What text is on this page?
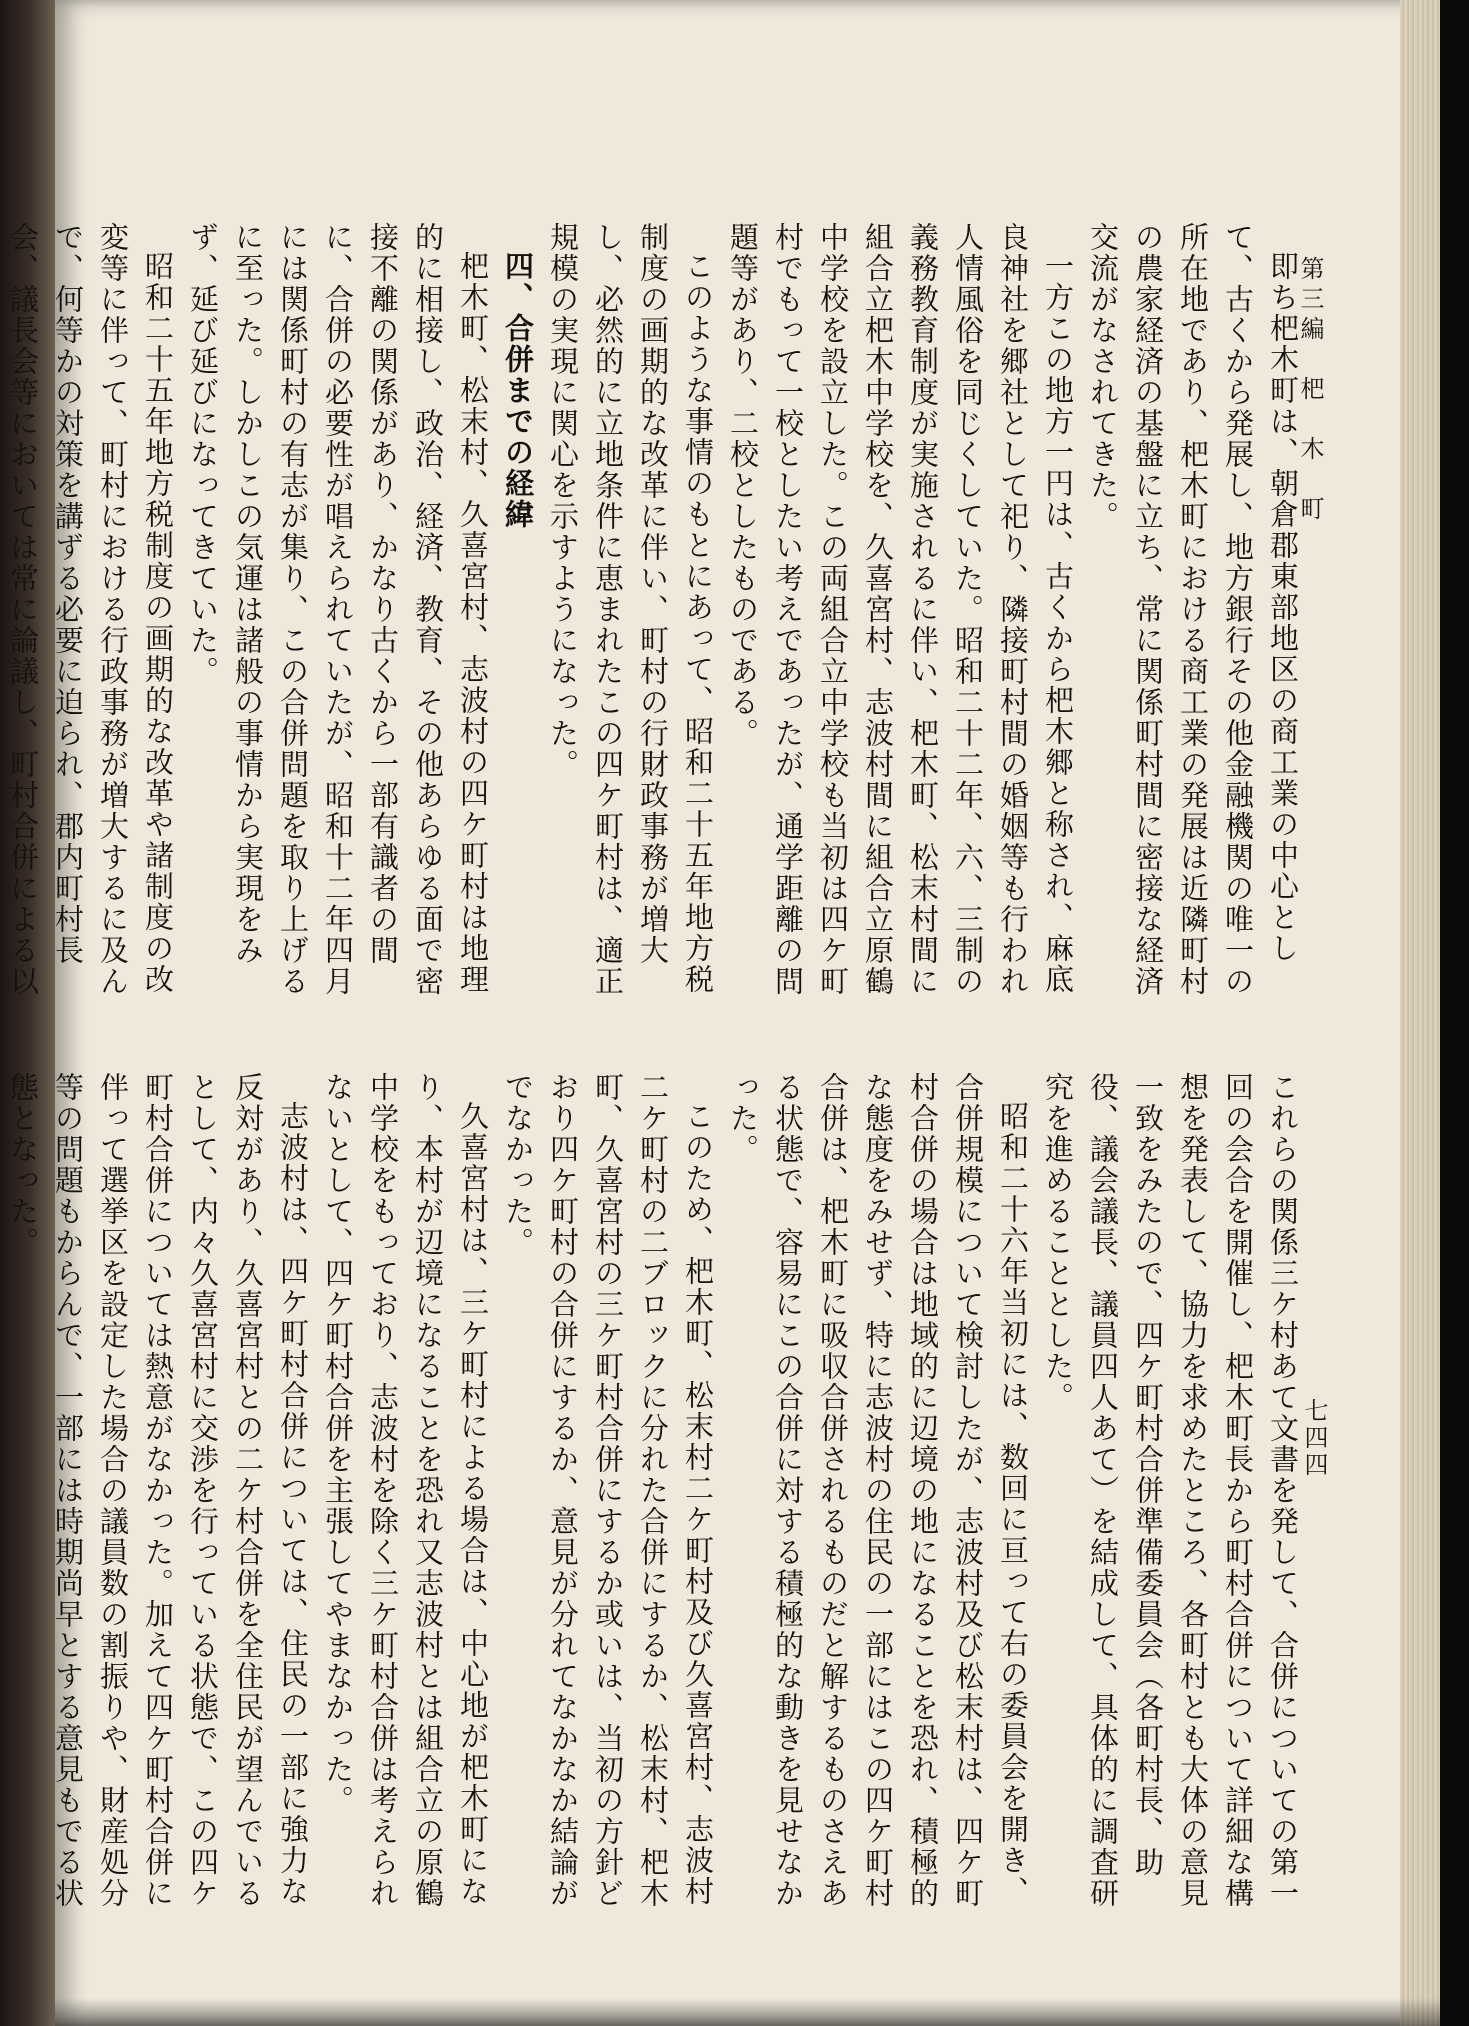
第三編　杷　木　町
七四四

即ち杷木町は、朝倉郡東部地区の商工業の中心として、古くから発展し、地方銀行その他金融機関の唯一の所在地であり、杷木町における商工業の発展は近隣町村の農家経済の基盤に立ち、常に関係町村間に密接な経済交流がなされてきた。

一方この地方一円は、古くから杷木郷と称され、麻底良神社を郷社として祀り、隣接町村間の婚姻等も行われ人情風俗を同じくしていた。昭和二十二年、六、三制の義務教育制度が実施されるに伴い、杷木町、松末村間に組合立杷木中学校を、久喜宮村、志波村間に組合立原鶴中学校を設立した。この両組合立中学校も当初は四ケ町村でもって一校としたい考えであったが、通学距離の問題等があり、二校としたものである。

このような事情のもとにあって、昭和二十五年地方税制度の画期的な改革に伴い、町村の行財政事務が増大し、必然的に立地条件に恵まれたこの四ケ町村は、適正規模の実現に関心を示すようになった。

四、合併までの経緯

杷木町、松末村、久喜宮村、志波村の四ケ町村は地理的に相接し、政治、経済、教育、その他あらゆる面で密接不離の関係があり、かなり古くから一部有識者の間に、合併の必要性が唱えられていたが、昭和十二年四月には関係町村の有志が集り、この合併問題を取り上げるに至った。しかしこの気運は諸般の事情から実現をみず、延び延びになってきていた。

昭和二十五年地方税制度の画期的な改革や諸制度の改変等に伴って、町村における行政事務が増大するに及んで、何等かの対策を講ずる必要に迫られ、郡内町村長会、議長会等においては常に論議し、町村合併による以

これらの関係三ケ村あて文書を発して、合併についての第一回の会合を開催し、杷木町長から町村合併について詳細な構想を発表して、協力を求めたところ、各町村とも大体の意見一致をみたので、四ケ町村合併準備委員会（各町村長、助役、議会議長、議員四人あて）を結成して、具体的に調査研究を進めることとした。

昭和二十六年当初には、数回に亘って右の委員会を開き、合併規模について検討したが、志波村及び松末村は、四ケ町村合併の場合は地域的に辺境の地になることを恐れ、積極的な態度をみせず、特に志波村の住民の一部にはこの四ケ町村合併は、杷木町に吸収合併されるものだと解するものさえある状態で、容易にこの合併に対する積極的な動きを見せなかった。

このため、杷木町、松末村二ケ町村及び久喜宮村、志波村二ケ町村の二ブロックに分れた合併にするか、松末村、杷木町、久喜宮村の三ケ町村合併にするか或いは、当初の方針どおり四ケ町村の合併にするか、意見が分れてなかなか結論がでなかった。

久喜宮村は、三ケ町村による場合は、中心地が杷木町になり、本村が辺境になることを恐れ又志波村とは組合立の原鶴中学校をもっており、志波村を除く三ケ町村合併は考えられないとして、四ケ町村合併を主張してやまなかった。

志波村は、四ケ町村合併については、住民の一部に強力な反対があり、久喜宮村との二ケ村合併を全住民が望んでいるとして、内々久喜宮村に交渉を行っている状態で、この四ケ町村合併については熱意がなかった。加えて四ケ町村合併に伴って選挙区を設定した場合の議員数の割振りや、財産処分等の問題もからんで、一部には時期尚早とする意見もでる状態となった。
